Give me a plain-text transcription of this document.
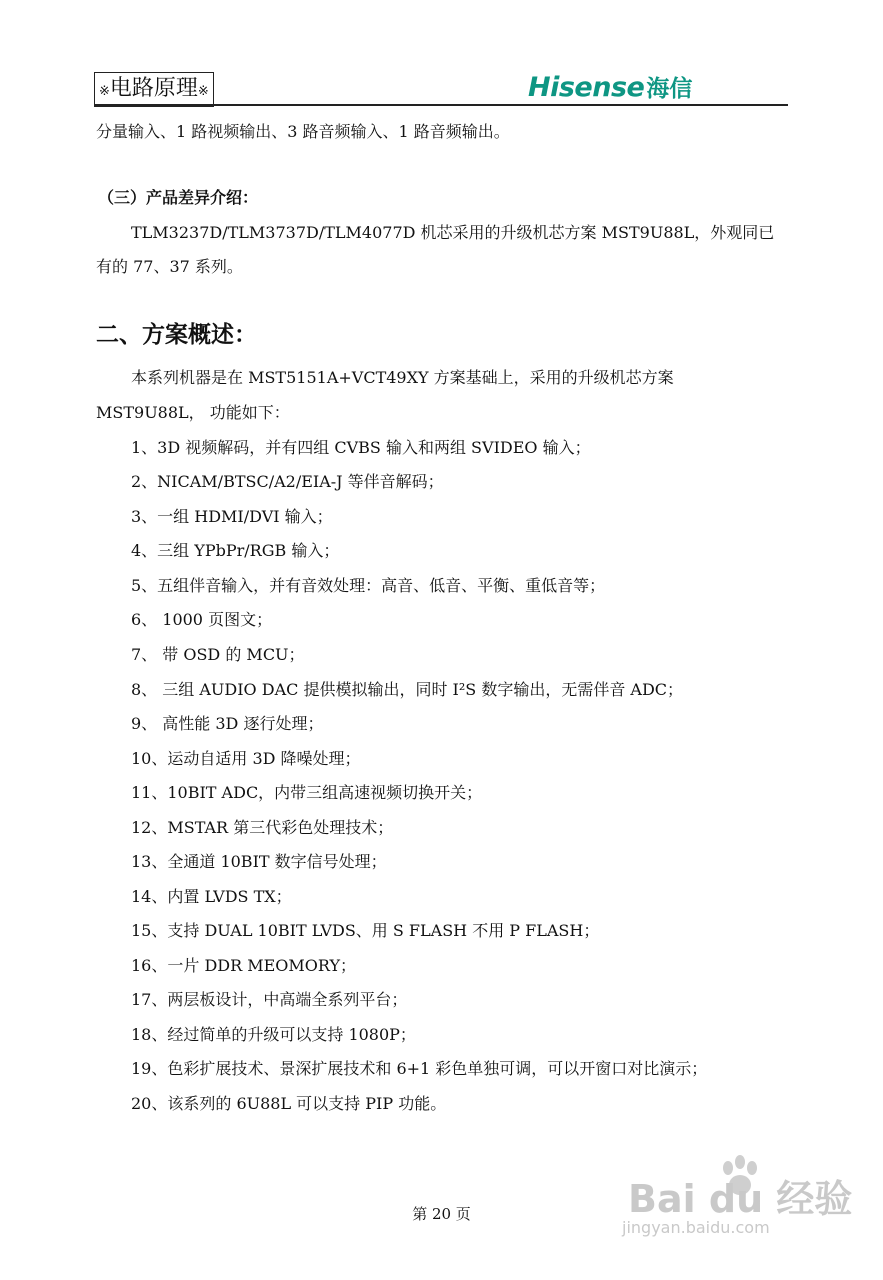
※电路原理※	Hisense海信
分量输入、1 路视频输出、3 路音频输入、1 路音频输出。
（三）产品差异介绍：
TLM3237D/TLM3737D/TLM4077D 机芯采用的升级机芯方案 MST9U88L，外观同已
有的 77、37 系列。
二、方案概述：
本系列机器是在 MST5151A+VCT49XY 方案基础上，采用的升级机芯方案
MST9U88L， 功能如下：
1、3D 视频解码，并有四组 CVBS 输入和两组 SVIDEO 输入；
2、NICAM/BTSC/A2/EIA-J 等伴音解码；
3、一组 HDMI/DVI 输入；
4、三组 YPbPr/RGB 输入；
5、五组伴音输入，并有音效处理：高音、低音、平衡、重低音等；
6、 1000 页图文；
7、 带 OSD 的 MCU；
8、 三组 AUDIO DAC 提供模拟输出，同时 I²S 数字输出，无需伴音 ADC；
9、 高性能 3D 逐行处理；
10、运动自适用 3D 降噪处理；
11、10BIT ADC，内带三组高速视频切换开关；
12、MSTAR 第三代彩色处理技术；
13、全通道 10BIT 数字信号处理；
14、内置 LVDS TX；
15、支持 DUAL 10BIT LVDS、用 S FLASH 不用 P FLASH；
16、一片 DDR MEOMORY；
17、两层板设计，中高端全系列平台；
18、经过简单的升级可以支持 1080P；
19、色彩扩展技术、景深扩展技术和 6+1 彩色单独可调，可以开窗口对比演示；
20、该系列的 6U88L 可以支持 PIP 功能。
第 20 页	Bai du 经验
jingyan.baidu.com
